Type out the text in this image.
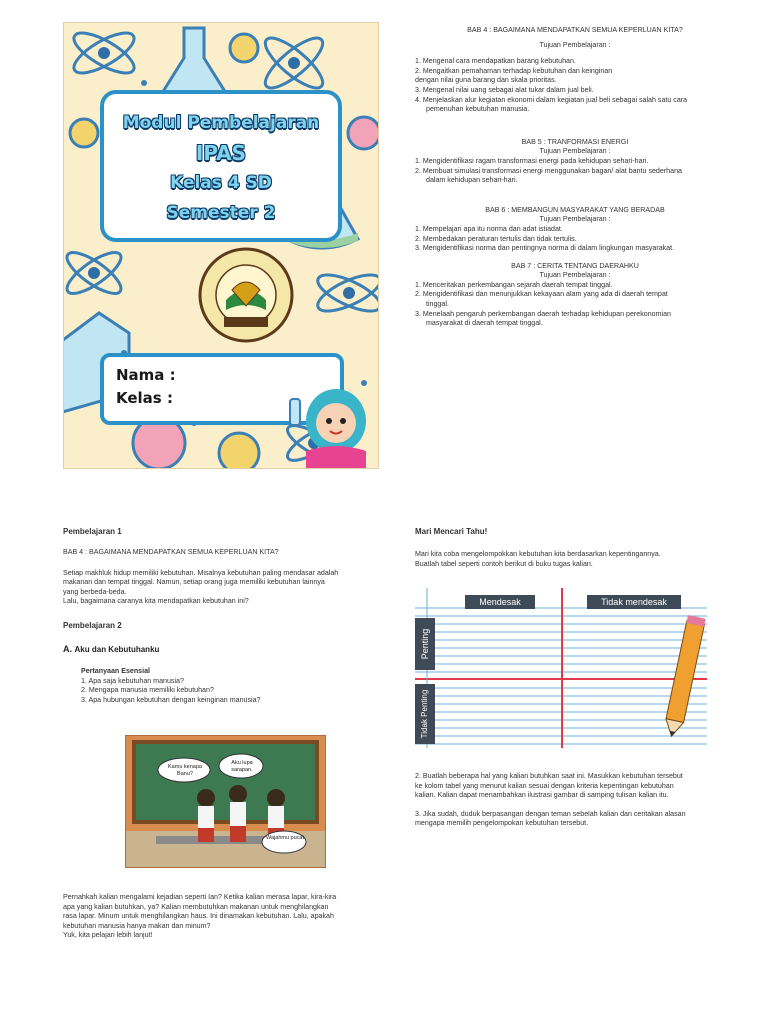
Modul Pembelajaran
IPAS
Kelas 4 SD
Semester 2
Nama :
Kelas :
BAB 4 : BAGAIMANA MENDAPATKAN SEMUA KEPERLUAN KITA?
Tujuan Pembelajaran :
1. Mengenal cara mendapatkan barang kebutuhan.
2. Mengaitkan pemahaman terhadap kebutuhan dan keinginan
dengan nilai guna barang dan skala prioritas.
3. Mengenal nilai uang sebagai alat tukar dalam jual beli.
4. Menjelaskan alur kegiatan ekonomi dalam kegiatan jual beli sebagai salah satu cara
pemenuhan kebutuhan manusia.
BAB 5 : TRANFORMASI ENERGI
Tujuan Pembelajaran :
1. Mengidentifikasi ragam transformasi energi pada kehidupan sehari-hari.
2. Membuat simulasi transformasi energi menggunakan bagan/ alat bantu sederhana
dalam kehidupan sehari-hari.
BAB 6 : MEMBANGUN MASYARAKAT YANG BERADAB
Tujuan Pembelajaran :
1. Mempelajari apa itu norma dan adat istiadat.
2. Membedakan peraturan tertulis dan tidak tertulis.
3. Mengidentifikasi norma dan pentingnya norma di dalam lingkungan masyarakat.
BAB 7 : CERITA TENTANG DAERAHKU
Tujuan Pembelajaran :
1. Menceritakan perkembangan sejarah daerah tempat tinggal.
2. Mengidentifikasi dan menunjukkan kekayaan alam yang ada di daerah tempat
tinggal.
3. Menelaah pengaruh perkembangan daerah terhadap kehidupan perekonomian
masyarakat di daerah tempat tinggal.
Pembelajaran 1
BAB 4 : BAGAIMANA MENDAPATKAN SEMUA KEPERLUAN KITA?
Setiap makhluk hidup memiliki kebutuhan. Misalnya kebutuhan paling mendasar adalah
makanan dan tempat tinggal. Namun, setiap orang juga memiliki kebutuhan lainnya
yang berbeda-beda.
Lalu, bagaimana caranya kita mendapatkan kebutuhan ini?
Pembelajaran 2
A. Aku dan Kebutuhanku
Pertanyaan Esensial
1. Apa saja kebutuhan manusia?
2. Mengapa manusia memiliki kebutuhan?
3. Apa hubungan kebutuhan dengan keinginan manusia?
Kamu kenapa Banu?
Aku lupa sarapan.
Wajahmu pucat
Pernahkah kalian mengalami kejadian seperti Ian? Ketika kalian merasa lapar, kira-kira
apa yang kalian butuhkan, ya? Kalian membutuhkan makanan untuk menghilangkan
rasa lapar. Minum untuk menghilangkan haus. Ini dinamakan kebutuhan. Lalu, apakah
kebutuhan manusia hanya makan dan minum?
Yuk, kita pelajari lebih lanjut!
Mari Mencari Tahu!
Mari kita coba mengelompokkan kebutuhan kita berdasarkan kepentingannya.
Buatlah tabel seperti contoh berikut di buku tugas kalian.
Mendesak	Tidak mendesak
Penting
Tidak Penting
2. Buatlah beberapa hal yang kalian butuhkan saat ini. Masukkan kebutuhan tersebut
ke kolom tabel yang menurut kalian sesuai dengan kriteria kepentingan kebutuhan
kalian. Kalian dapat menambahkan ilustrasi gambar di samping tulisan kalian itu.
3. Jika sudah, duduk berpasangan dengan teman sebelah kalian dan ceritakan alasan
mengapa memilih pengelompokan kebutuhan tersebut.
